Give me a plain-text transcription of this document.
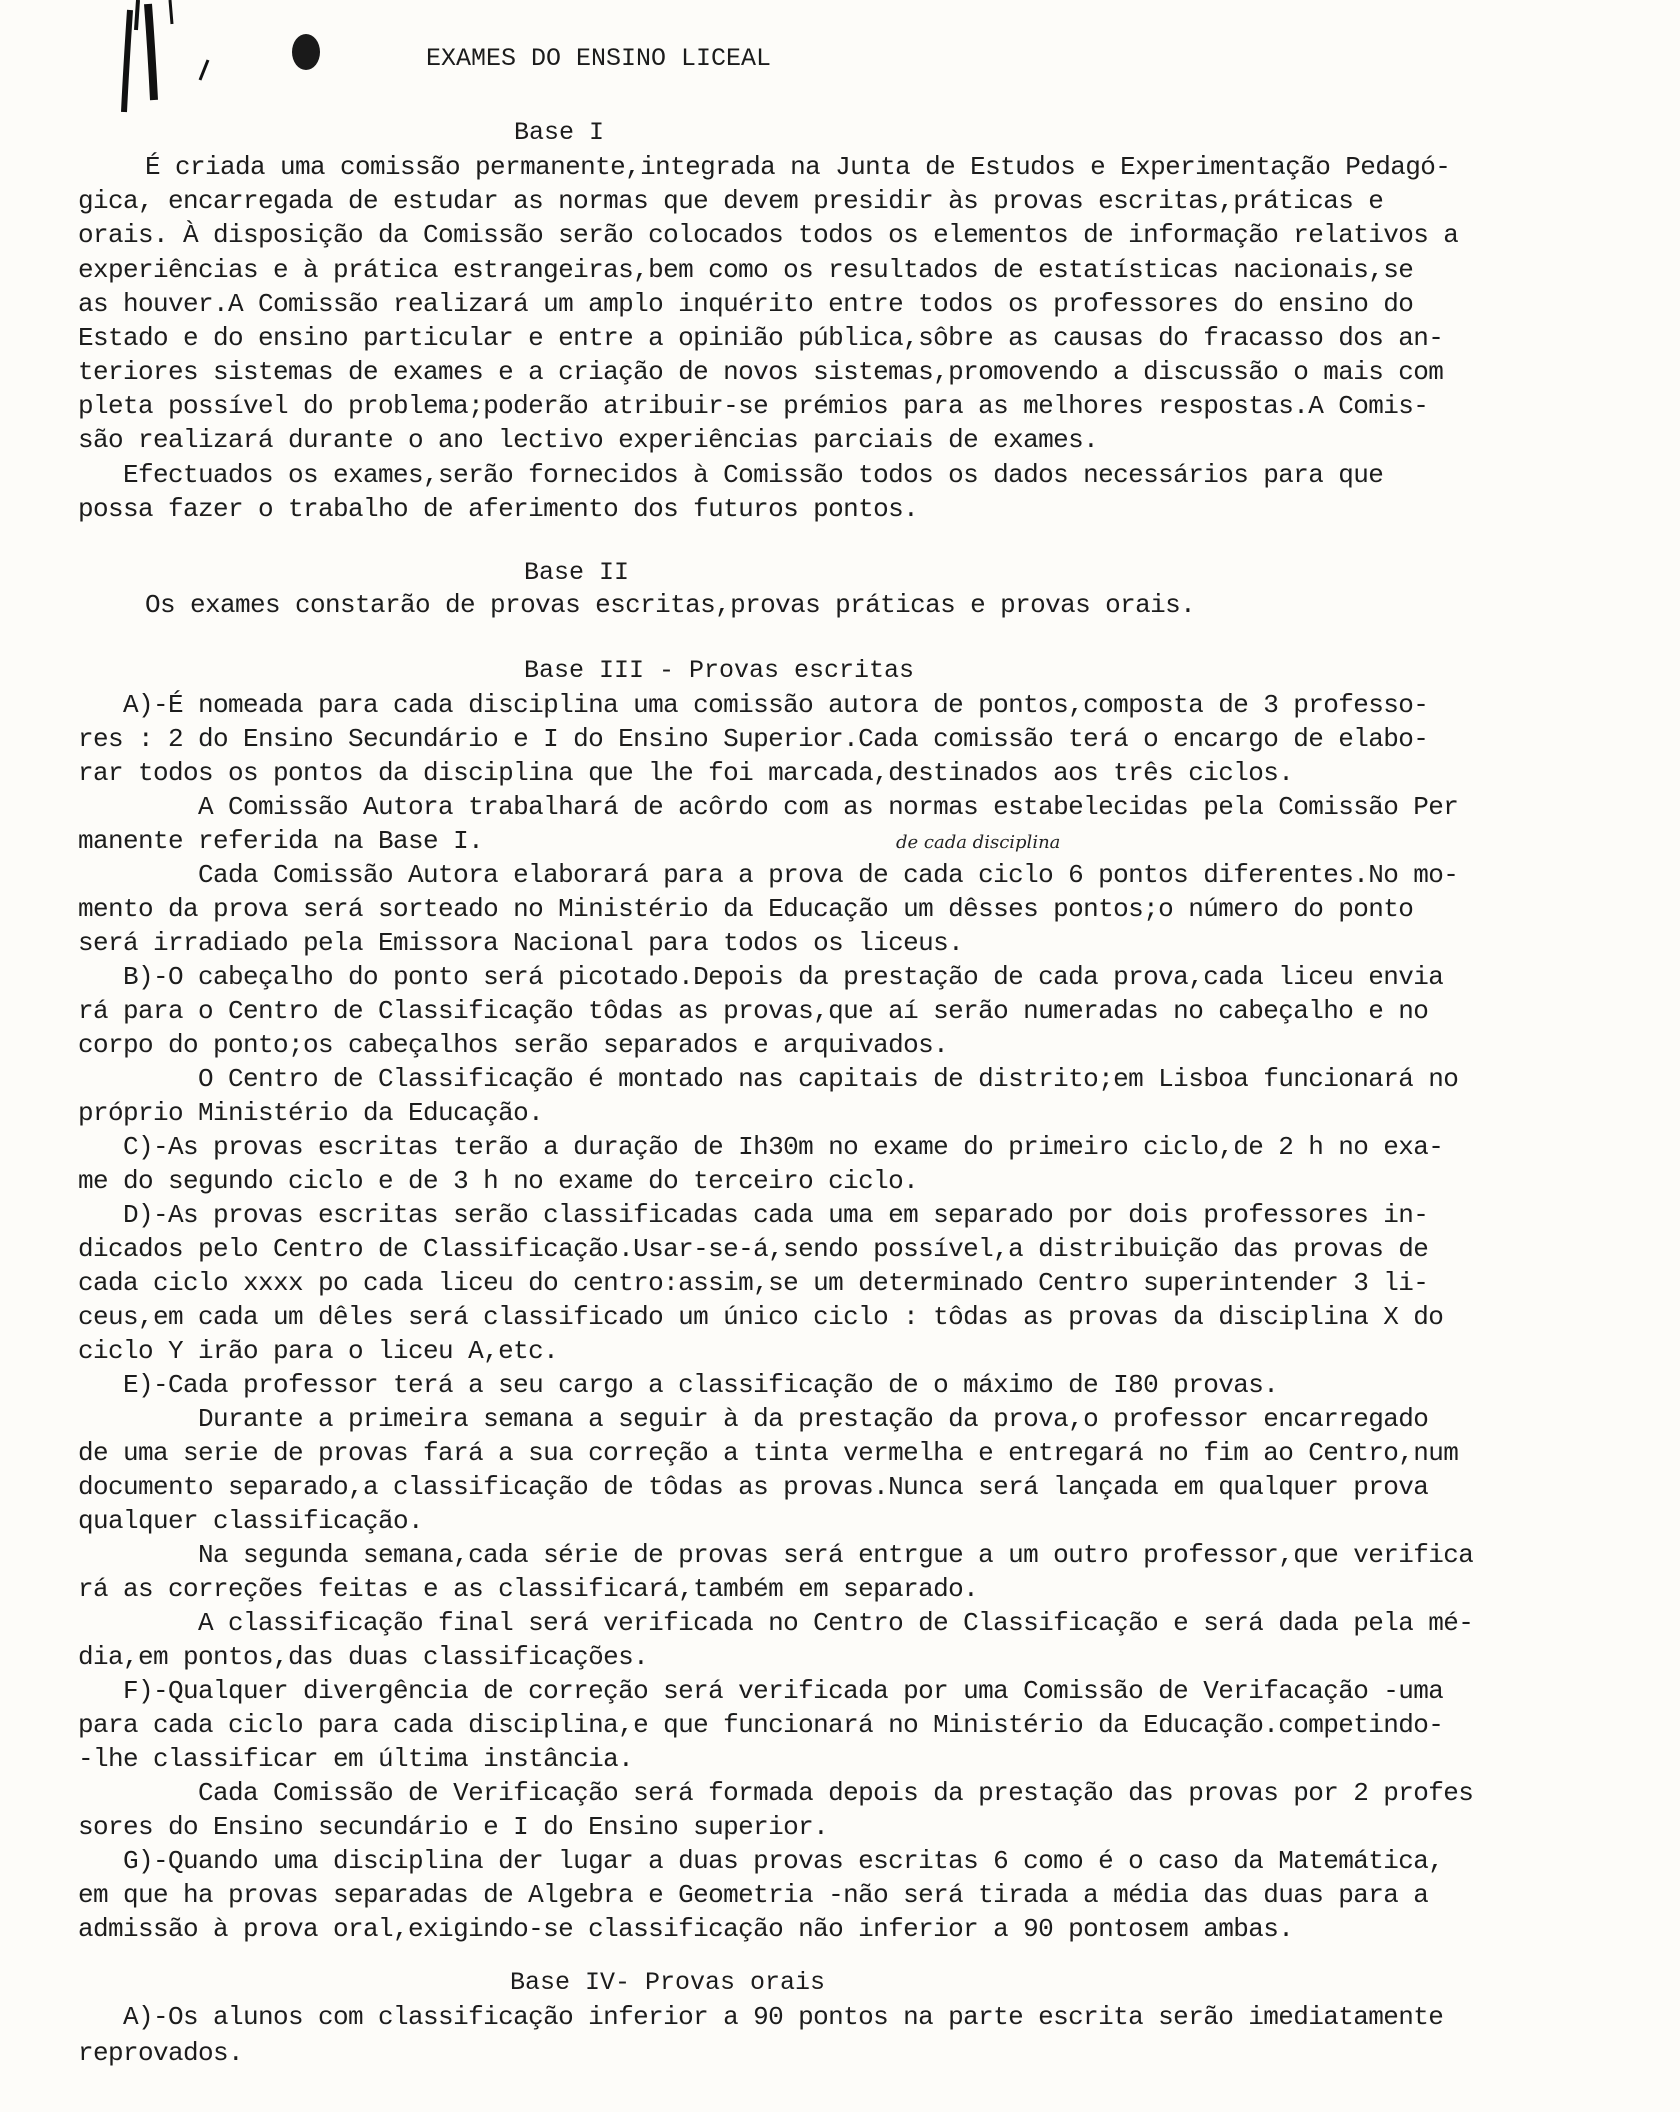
EXAMES DO ENSINO LICEAL
Base I
É criada uma comissão permanente,integrada na Junta de Estudos e Experimentação Pedagó-
gica, encarregada de estudar as normas que devem presidir às provas escritas,práticas e
orais. À disposição da Comissão serão colocados todos os elementos de informação relativos a
experiências e à prática estrangeiras,bem como os resultados de estatísticas nacionais,se
as houver.A Comissão realizará um amplo inquérito entre todos os professores do ensino do
Estado e do ensino particular e entre a opinião pública,sôbre as causas do fracasso dos an-
teriores sistemas de exames e a criação de novos sistemas,promovendo a discussão o mais com
pleta possível do problema;poderão atribuir-se prémios para as melhores respostas.A Comis-
são realizará durante o ano lectivo experiências parciais de exames.
Efectuados os exames,serão fornecidos à Comissão todos os dados necessários para que
possa fazer o trabalho de aferimento dos futuros pontos.
Base II
Os exames constarão de provas escritas,provas práticas e provas orais.
Base III - Provas escritas
A)-É nomeada para cada disciplina uma comissão autora de pontos,composta de 3 professo-
res : 2 do Ensino Secundário e I do Ensino Superior.Cada comissão terá o encargo de elabo-
rar todos os pontos da disciplina que lhe foi marcada,destinados aos três ciclos.
A Comissão Autora trabalhará de acôrdo com as normas estabelecidas pela Comissão Per
manente referida na Base I.	de cada disciplina
Cada Comissão Autora elaborará para a prova de cada ciclo 6 pontos diferentes.No mo-
mento da prova será sorteado no Ministério da Educação um dêsses pontos;o número do ponto
será irradiado pela Emissora Nacional para todos os liceus.
B)-O cabeçalho do ponto será picotado.Depois da prestação de cada prova,cada liceu envia
rá para o Centro de Classificação tôdas as provas,que aí serão numeradas no cabeçalho e no
corpo do ponto;os cabeçalhos serão separados e arquivados.
O Centro de Classificação é montado nas capitais de distrito;em Lisboa funcionará no
próprio Ministério da Educação.
C)-As provas escritas terão a duração de Ih30m no exame do primeiro ciclo,de 2 h no exa-
me do segundo ciclo e de 3 h no exame do terceiro ciclo.
D)-As provas escritas serão classificadas cada uma em separado por dois professores in-
dicados pelo Centro de Classificação.Usar-se-á,sendo possível,a distribuição das provas de
cada ciclo xxxx po cada liceu do centro:assim,se um determinado Centro superintender 3 li-
ceus,em cada um dêles será classificado um único ciclo : tôdas as provas da disciplina X do
ciclo Y irão para o liceu A,etc.
E)-Cada professor terá a seu cargo a classificação de o máximo de I80 provas.
Durante a primeira semana a seguir à da prestação da prova,o professor encarregado
de uma serie de provas fará a sua correção a tinta vermelha e entregará no fim ao Centro,num
documento separado,a classificação de tôdas as provas.Nunca será lançada em qualquer prova
qualquer classificação.
Na segunda semana,cada série de provas será entrgue a um outro professor,que verifica
rá as correções feitas e as classificará,também em separado.
A classificação final será verificada no Centro de Classificação e será dada pela mé-
dia,em pontos,das duas classificações.
F)-Qualquer divergência de correção será verificada por uma Comissão de Verifacação -uma
para cada ciclo para cada disciplina,e que funcionará no Ministério da Educação.competindo-
-lhe classificar em última instância.
Cada Comissão de Verificação será formada depois da prestação das provas por 2 profes
sores do Ensino secundário e I do Ensino superior.
G)-Quando uma disciplina der lugar a duas provas escritas 6 como é o caso da Matemática,
em que ha provas separadas de Algebra e Geometria -não será tirada a média das duas para a
admissão à prova oral,exigindo-se classificação não inferior a 90 pontosem ambas.
Base IV- Provas orais
A)-Os alunos com classificação inferior a 90 pontos na parte escrita serão imediatamente
reprovados.
